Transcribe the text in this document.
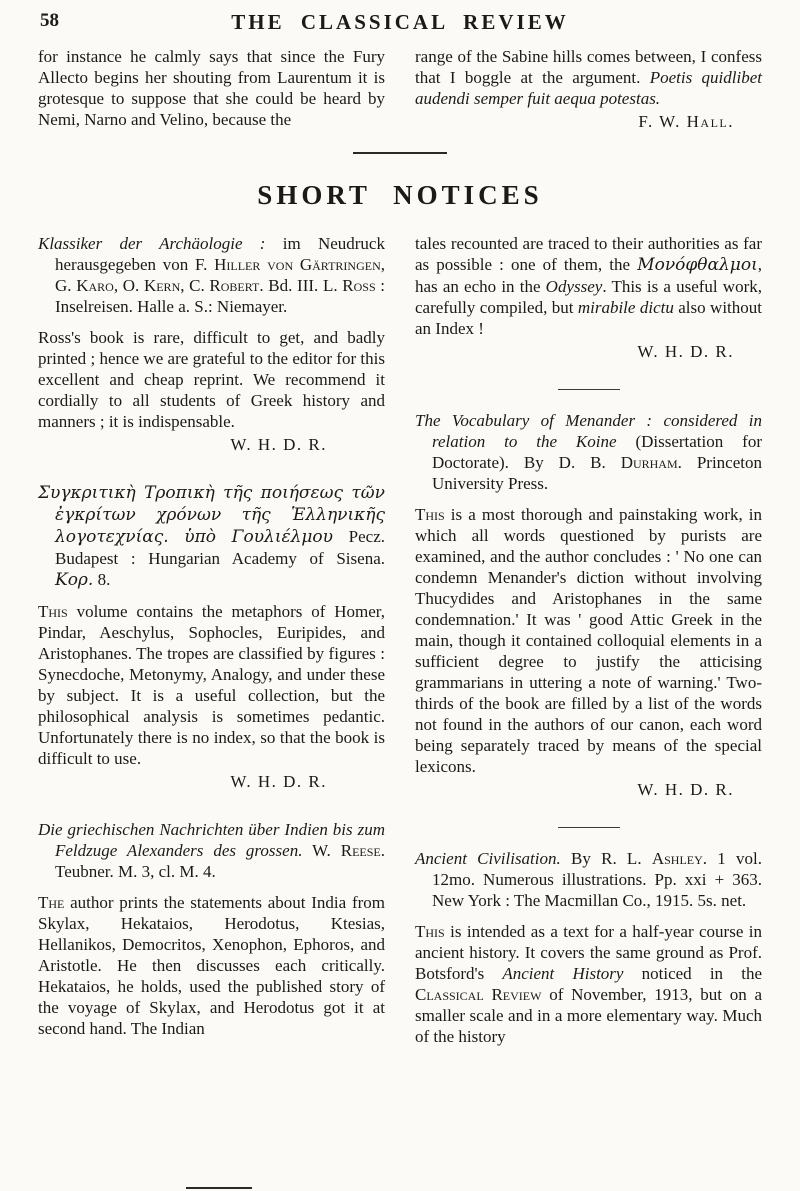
58	THE CLASSICAL REVIEW

for instance he calmly says that since the Fury Allecto begins her shouting from Laurentum it is grotesque to suppose that she could be heard by Nemi, Narno and Velino, because the

range of the Sabine hills comes between, I confess that I boggle at the argument. Poetis quidlibet audendi semper fuit aequa potestas.

F. W. Hall.

SHORT NOTICES

Klassiker der Archäologie : im Neudruck herausgegeben von F. Hiller von Gärtringen, G. Karo, O. Kern, C. Robert. Bd. III. L. Ross : Inselreisen. Halle a. S.: Niemayer.

Ross's book is rare, difficult to get, and badly printed ; hence we are grateful to the editor for this excellent and cheap reprint. We recommend it cordially to all students of Greek history and manners ; it is indispensable.

W. H. D. R.

Συγκριτικὴ Τροπικὴ τῆς ποιήσεως τῶν ἐγκρίτων χρόνων τῆς Ἑλληνικῆς λογοτεχνίας. ὑπὸ Γουλιέλμου Pecz. Budapest : Hungarian Academy of Sisena. Κορ. 8.

This volume contains the metaphors of Homer, Pindar, Aeschylus, Sophocles, Euripides, and Aristophanes. The tropes are classified by figures : Synecdoche, Metonymy, Analogy, and under these by subject. It is a useful collection, but the philosophical analysis is sometimes pedantic. Unfortunately there is no index, so that the book is difficult to use.

W. H. D. R.

Die griechischen Nachrichten über Indien bis zum Feldzuge Alexanders des grossen. W. Reese. Teubner. M. 3, cl. M. 4.

The author prints the statements about India from Skylax, Hekataios, Herodotus, Ktesias, Hellanikos, Democritos, Xenophon, Ephoros, and Aristotle. He then discusses each critically. Hekataios, he holds, used the published story of the voyage of Skylax, and Herodotus got it at second hand. The Indian

tales recounted are traced to their authorities as far as possible : one of them, the Μονόφθαλμοι, has an echo in the Odyssey. This is a useful work, carefully compiled, but mirabile dictu also without an Index !

W. H. D. R.

The Vocabulary of Menander : considered in relation to the Koine (Dissertation for Doctorate). By D. B. Durham. Princeton University Press.

This is a most thorough and painstaking work, in which all words questioned by purists are examined, and the author concludes : ' No one can condemn Menander's diction without involving Thucydides and Aristophanes in the same condemnation.' It was ' good Attic Greek in the main, though it contained colloquial elements in a sufficient degree to justify the atticising grammarians in uttering a note of warning.' Two-thirds of the book are filled by a list of the words not found in the authors of our canon, each word being separately traced by means of the special lexicons.

W. H. D. R.

Ancient Civilisation. By R. L. Ashley. 1 vol. 12mo. Numerous illustrations. Pp. xxi + 363. New York : The Macmillan Co., 1915. 5s. net.

This is intended as a text for a half-year course in ancient history. It covers the same ground as Prof. Botsford's Ancient History noticed in the Classical Review of November, 1913, but on a smaller scale and in a more elementary way. Much of the history
